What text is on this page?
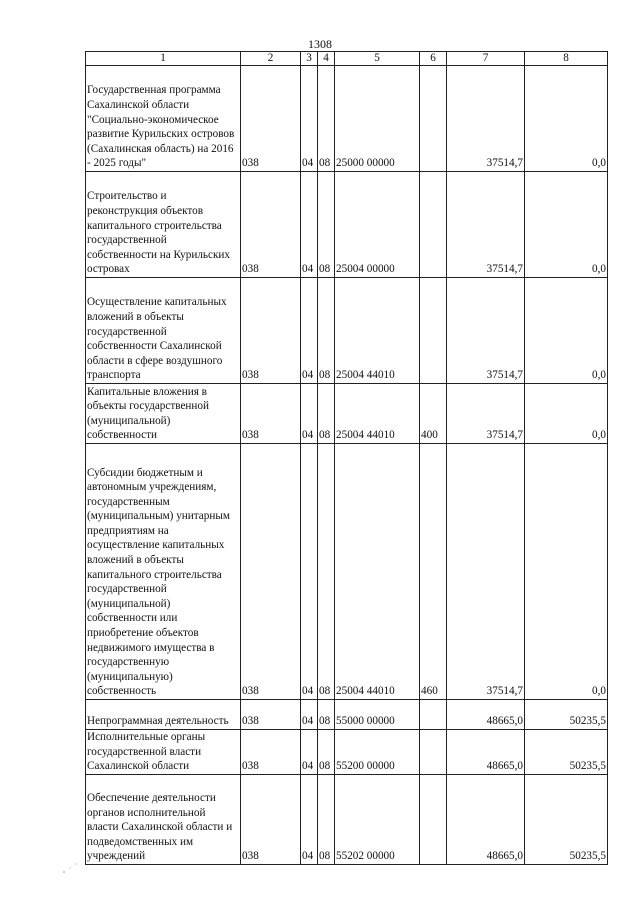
1308
1	2	3	4	5	6	7	8
Государственная программа Сахалинской области "Социально-экономическое развитие Курильских островов (Сахалинская область) на 2016 - 2025 годы"	038	04	08	25000 00000		37514,7	0,0
Строительство и реконструкция объектов капитального строительства государственной собственности на Курильских островах	038	04	08	25004 00000		37514,7	0,0
Осуществление капитальных вложений в объекты государственной собственности Сахалинской области в сфере воздушного транспорта	038	04	08	25004 44010		37514,7	0,0
Капитальные вложения в объекты государственной (муниципальной) собственности	038	04	08	25004 44010	400	37514,7	0,0
Субсидии бюджетным и автономным учреждениям, государственным (муниципальным) унитарным предприятиям на осуществление капитальных вложений в объекты капитального строительства государственной (муниципальной) собственности или приобретение объектов недвижимого имущества в государственную (муниципальную) собственность	038	04	08	25004 44010	460	37514,7	0,0
Непрограммная деятельность	038	04	08	55000 00000		48665,0	50235,5
Исполнительные органы государственной власти Сахалинской области	038	04	08	55200 00000		48665,0	50235,5
Обеспечение деятельности органов исполнительной власти Сахалинской области и подведомственных им учреждений	038	04	08	55202 00000		48665,0	50235,5
